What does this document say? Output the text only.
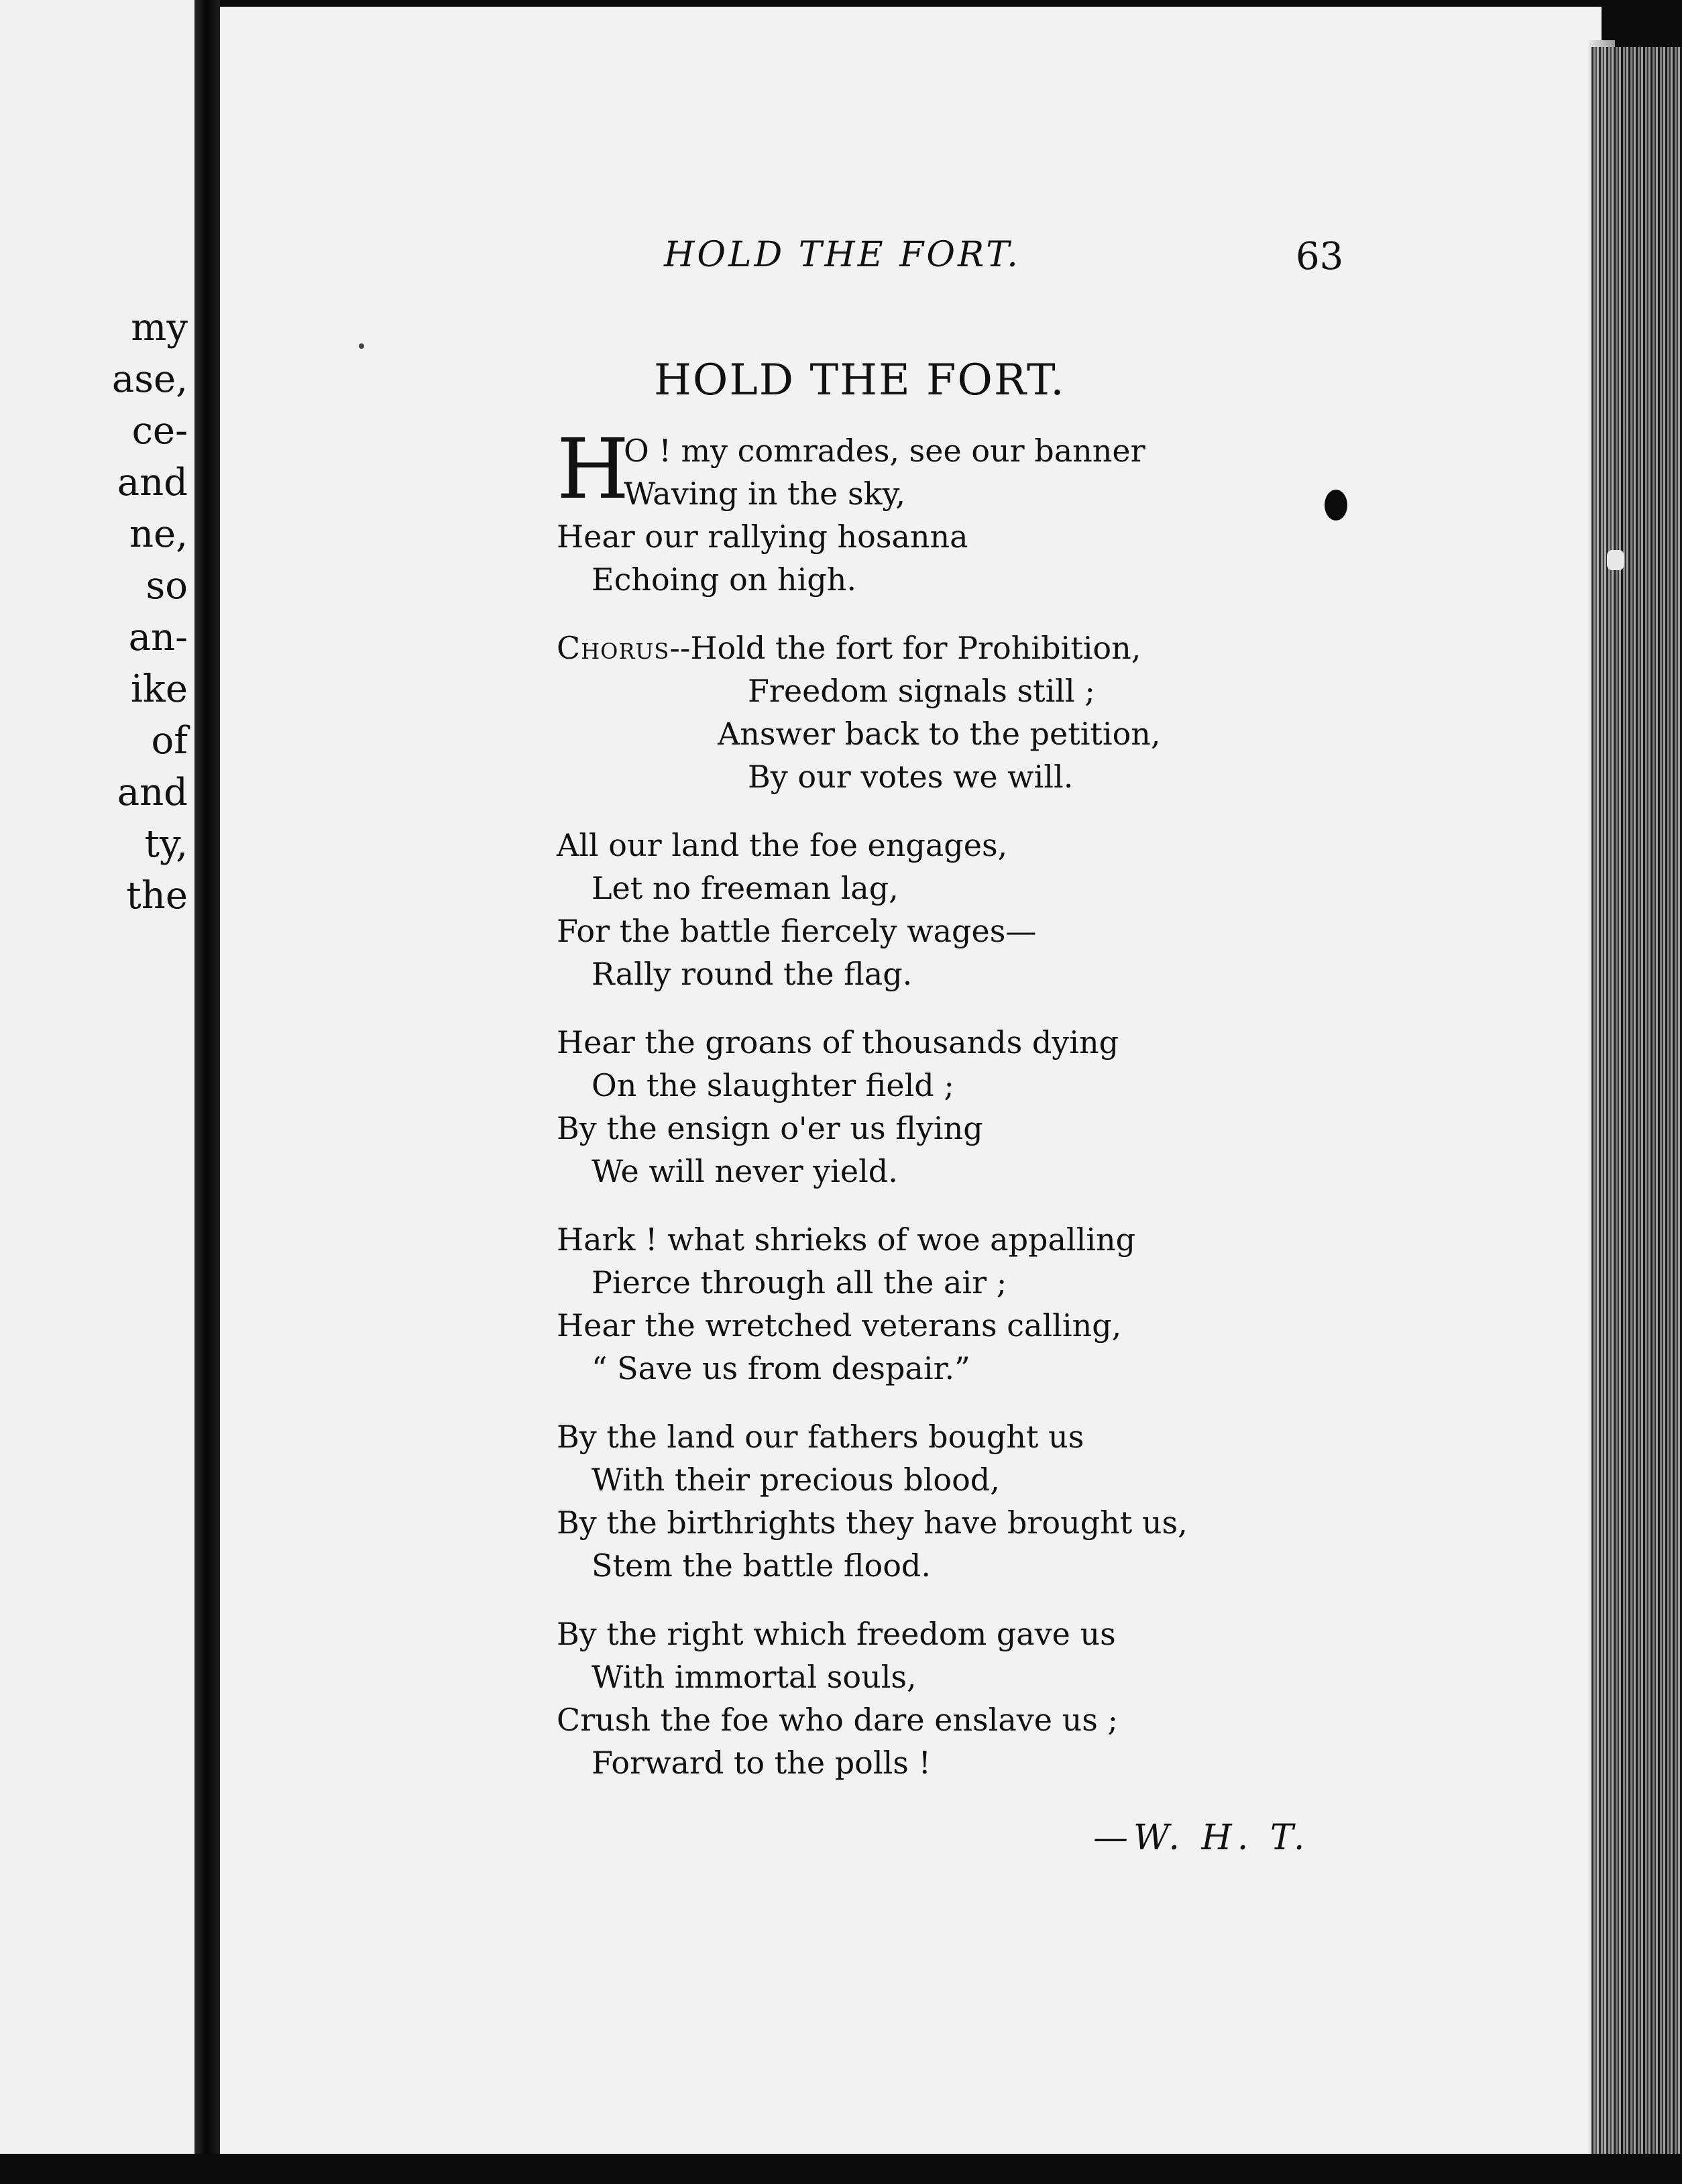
my
ase,
ce-
and
ne,
so
an-
ike
of
and
ty,
the
HOLD THE FORT.	63
HOLD THE FORT.
H
O ! my comrades, see our banner
Waving in the sky,
Hear our rallying hosanna
Echoing on high.
Chorus--Hold the fort for Prohibition,
Freedom signals still ;
Answer back to the petition,
By our votes we will.
All our land the foe engages,
Let no freeman lag,
For the battle fiercely wages—
Rally round the flag.
Hear the groans of thousands dying
On the slaughter field ;
By the ensign o'er us flying
We will never yield.
Hark ! what shrieks of woe appalling
Pierce through all the air ;
Hear the wretched veterans calling,
“ Save us from despair.”
By the land our fathers bought us
With their precious blood,
By the birthrights they have brought us,
Stem the battle flood.
By the right which freedom gave us
With immortal souls,
Crush the foe who dare enslave us ;
Forward to the polls !
—W. H. T.
